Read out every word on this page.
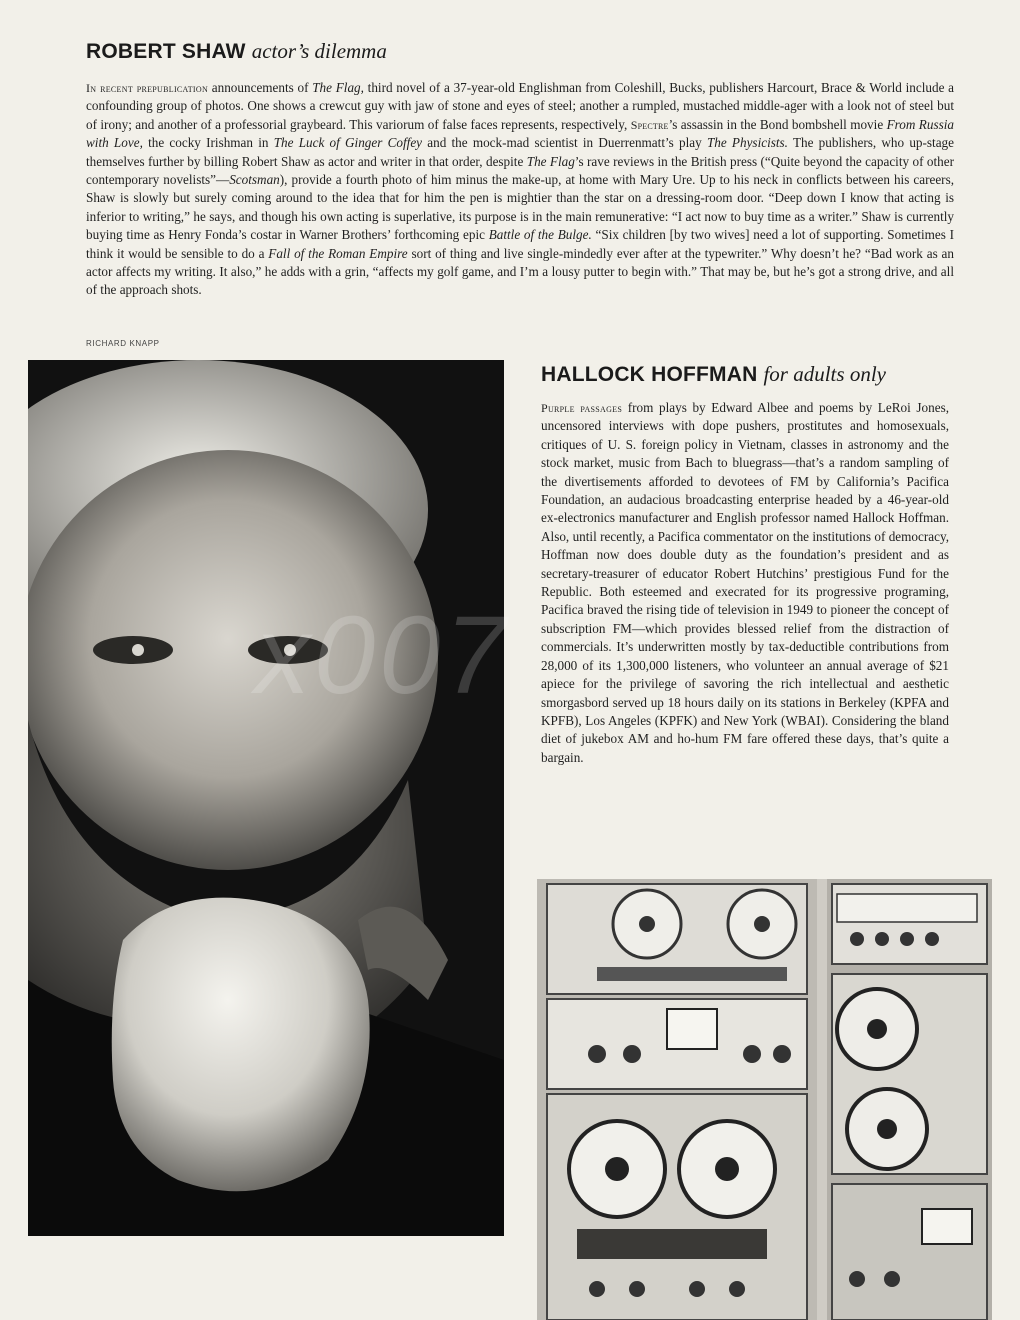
ROBERT SHAW actor’s dilemma

In recent prepublication announcements of The Flag, third novel of a 37-year-old Englishman from Coleshill, Bucks, publishers Harcourt, Brace & World include a confounding group of photos. One shows a crewcut guy with jaw of stone and eyes of steel; another a rumpled, mustached middle-ager with a look not of steel but of irony; and another of a professorial graybeard. This variorum of false faces represents, respectively, Spectre’s assassin in the Bond bombshell movie From Russia with Love, the cocky Irishman in The Luck of Ginger Coffey and the mock-mad scientist in Duerrenmatt’s play The Physicists. The publishers, who up-stage themselves further by billing Robert Shaw as actor and writer in that order, despite The Flag’s rave reviews in the British press (“Quite beyond the capacity of other contemporary novelists”—Scotsman), provide a fourth photo of him minus the make-up, at home with Mary Ure. Up to his neck in conflicts between his careers, Shaw is slowly but surely coming around to the idea that for him the pen is mightier than the star on a dressing-room door. “Deep down I know that acting is inferior to writing,” he says, and though his own acting is superlative, its purpose is in the main remunerative: “I act now to buy time as a writer.” Shaw is currently buying time as Henry Fonda’s costar in Warner Brothers’ forthcoming epic Battle of the Bulge. “Six children [by two wives] need a lot of supporting. Sometimes I think it would be sensible to do a Fall of the Roman Empire sort of thing and live single-mindedly ever after at the typewriter.” Why doesn’t he? “Bad work as an actor affects my writing. It also,” he adds with a grin, “affects my golf game, and I’m a lousy putter to begin with.” That may be, but he’s got a strong drive, and all of the approach shots.

RICHARD KNAPP
HALLOCK HOFFMAN for adults only

Purple passages from plays by Edward Albee and poems by LeRoi Jones, uncensored interviews with dope pushers, prostitutes and homosexuals, critiques of U. S. foreign policy in Vietnam, classes in astronomy and the stock market, music from Bach to bluegrass—that’s a random sampling of the divertisements afforded to devotees of FM by California’s Pacifica Foundation, an audacious broadcasting enterprise headed by a 46-year-old ex-electronics manufacturer and English professor named Hallock Hoffman. Also, until recently, a Pacifica commentator on the institutions of democracy, Hoffman now does double duty as the foundation’s president and as secretary-treasurer of educator Robert Hutchins’ prestigious Fund for the Republic. Both esteemed and execrated for its progressive programing, Pacifica braved the rising tide of television in 1949 to pioneer the concept of subscription FM—which provides blessed relief from the distraction of commercials. It’s underwritten mostly by tax-deductible contributions from 28,000 of its 1,300,000 listeners, who volunteer an annual average of $21 apiece for the privilege of savoring the rich intellectual and aesthetic smorgasbord served up 18 hours daily on its stations in Berkeley (KPFA and KPFB), Los Angeles (KPFK) and New York (WBAI). Considering the bland diet of jukebox AM and ho-hum FM fare offered these days, that’s quite a bargain.
